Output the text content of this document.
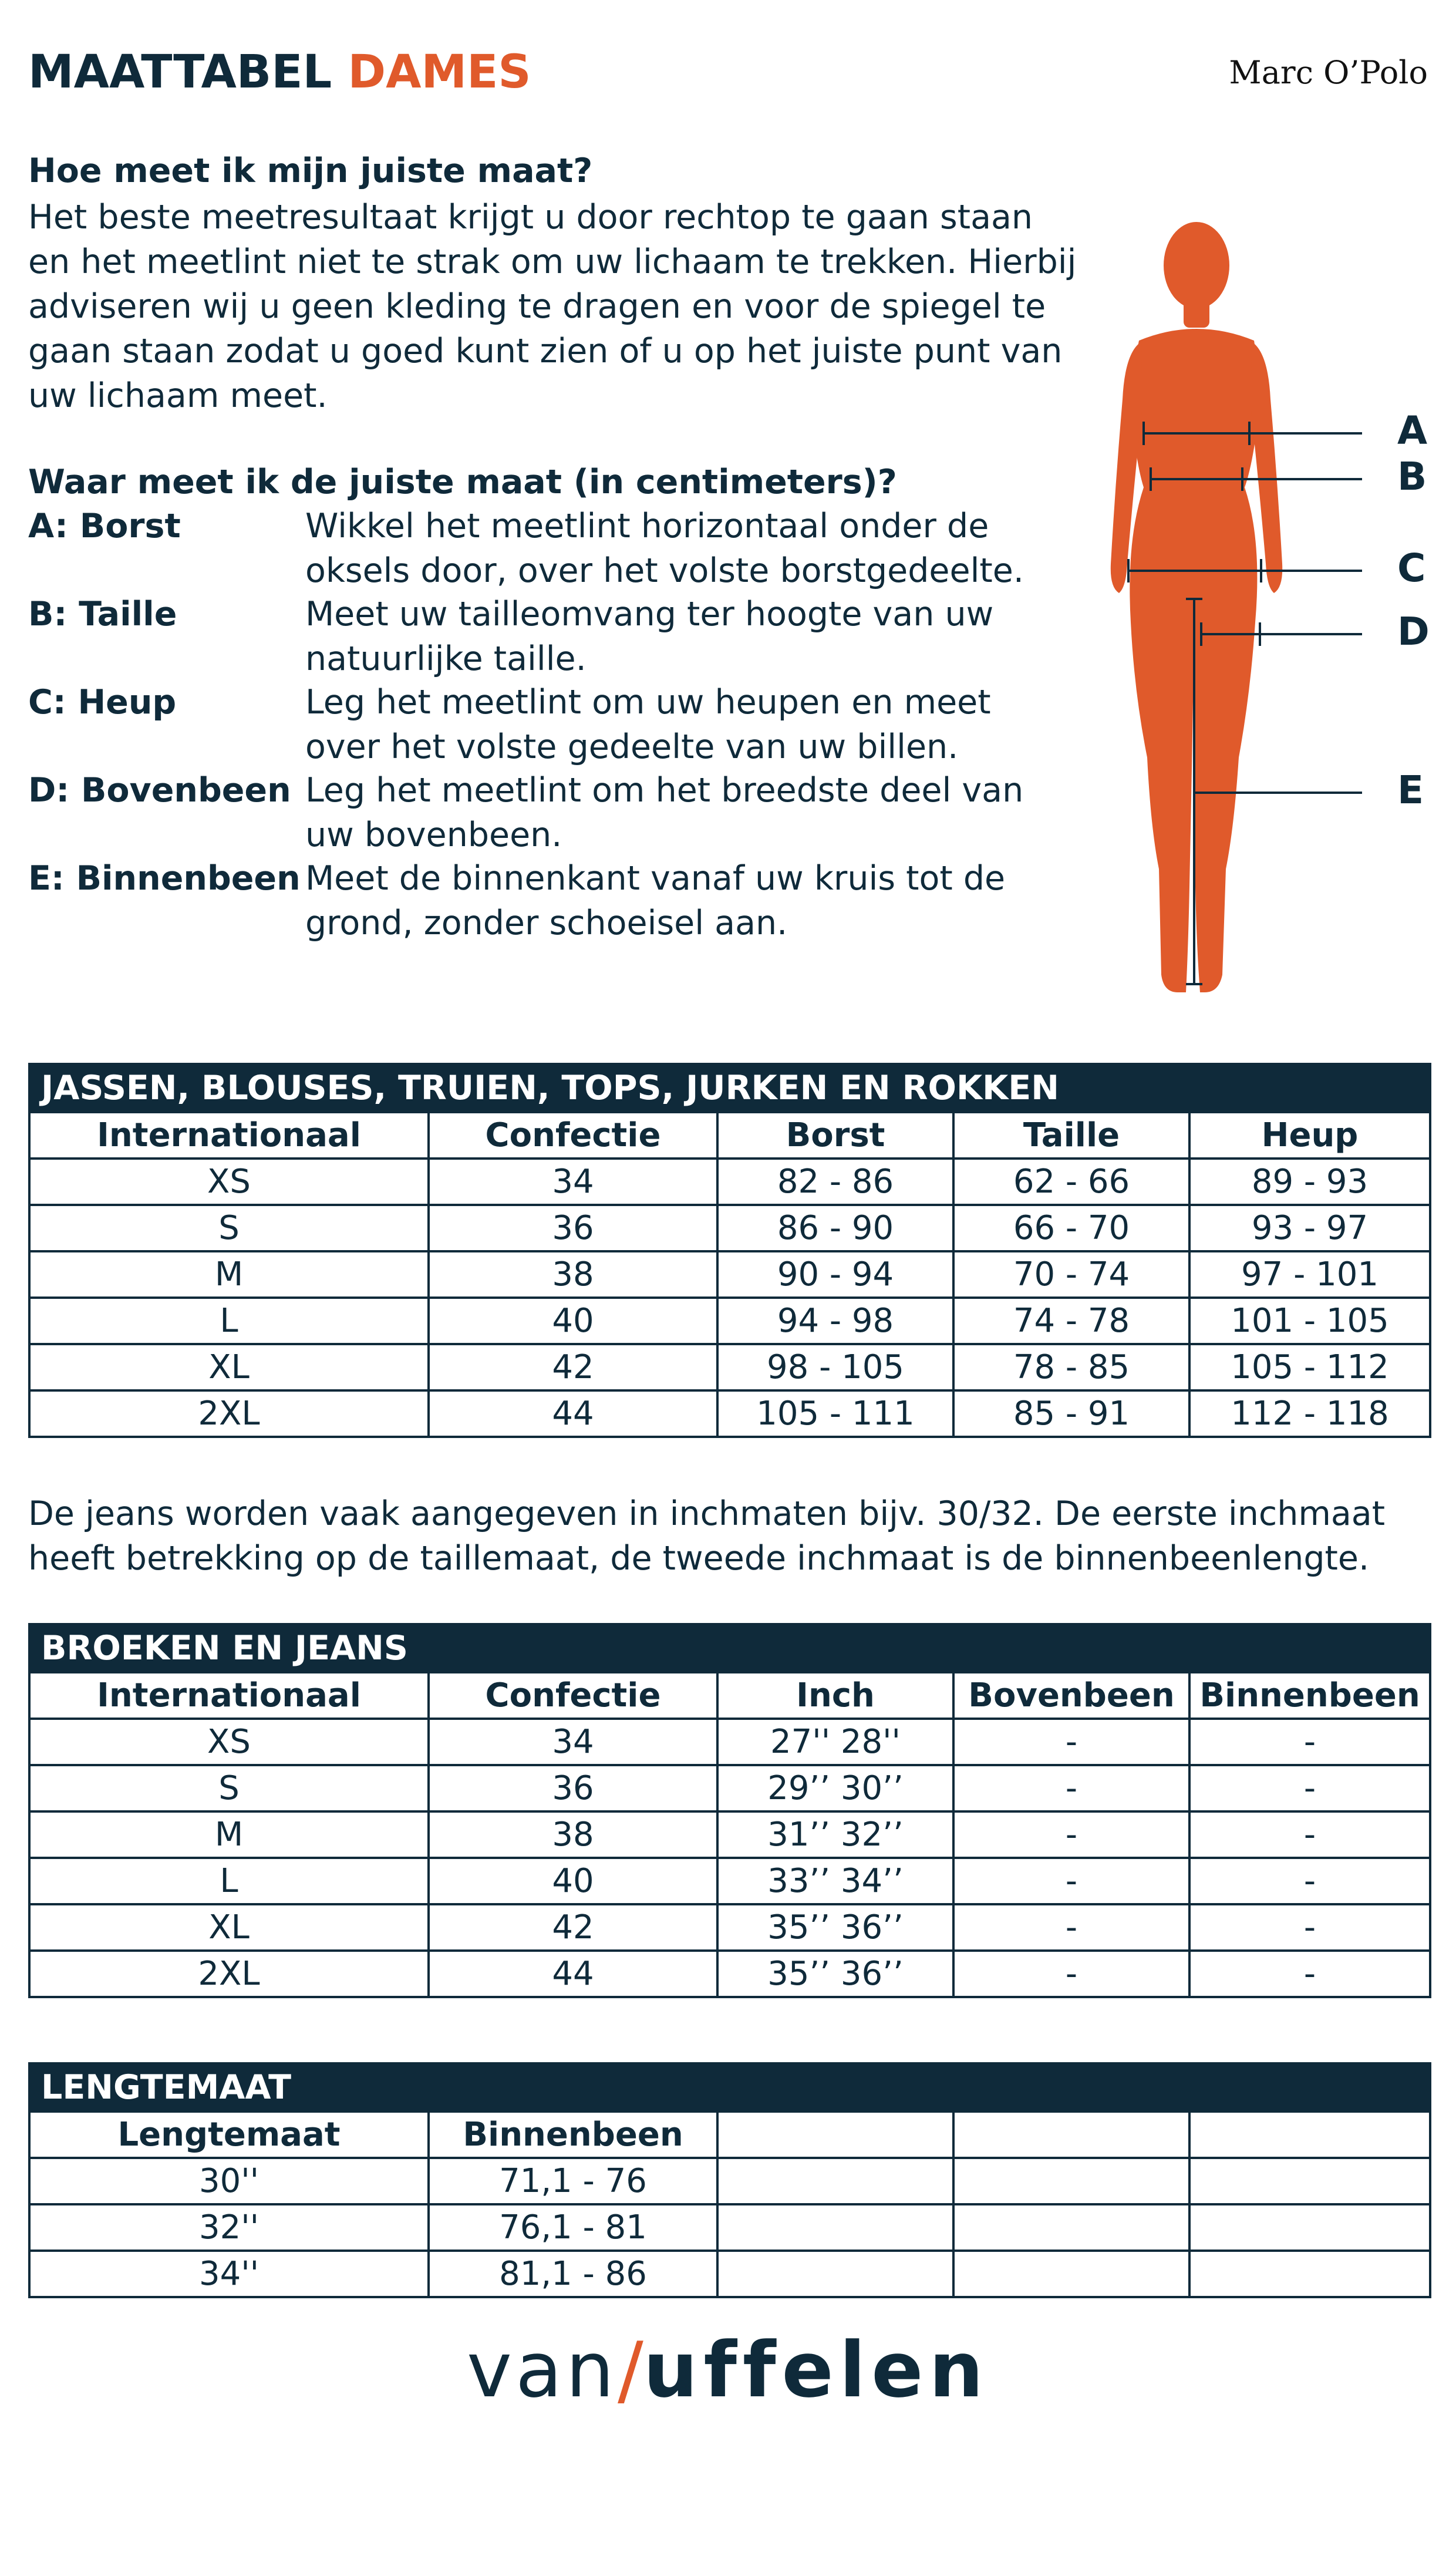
MAATTABEL DAMES	Marc O’Polo
Hoe meet ik mijn juiste maat?
Het beste meetresultaat krijgt u door rechtop te gaan staan
en het meetlint niet te strak om uw lichaam te trekken. Hierbij
adviseren wij u geen kleding te dragen en voor de spiegel te
gaan staan zodat u goed kunt zien of u op het juiste punt van
uw lichaam meet.
Waar meet ik de juiste maat (in centimeters)?
A: Borst	Wikkel het meetlint horizontaal onder de
oksels door, over het volste borstgedeelte.
B: Taille	Meet uw tailleomvang ter hoogte van uw
natuurlijke taille.
C: Heup	Leg het meetlint om uw heupen en meet
over het volste gedeelte van uw billen.
D: Bovenbeen Leg het meetlint om het breedste deel van
uw bovenbeen.
E: Binnenbeen Meet de binnenkant vanaf uw kruis tot de
grond, zonder schoeisel aan.
A
B
C
D
E
JASSEN, BLOUSES, TRUIEN, TOPS, JURKEN EN ROKKEN				
Internationaal	Confectie	Borst	Taille	Heup
XS	34	82 - 86	62 - 66	89 - 93
S	36	86 - 90	66 - 70	93 - 97
M	38	90 - 94	70 - 74	97 - 101
L	40	94 - 98	74 - 78	101 - 105
XL	42	98 - 105	78 - 85	105 - 112
2XL	44	105 - 111	85 - 91	112 - 118
De jeans worden vaak aangegeven in inchmaten bijv. 30/32. De eerste inchmaat
heeft betrekking op de taillemaat, de tweede inchmaat is de binnenbeenlengte.
BROEKEN EN JEANS				
Internationaal	Confectie	Inch	Bovenbeen	Binnenbeen
XS	34	27'' 28''	-	-
S	36	29’’ 30’’	-	-
M	38	31’’ 32’’	-	-
L	40	33’’ 34’’	-	-
XL	42	35’’ 36’’	-	-
2XL	44	35’’ 36’’	-	-
LENGTEMAAT				
Lengtemaat	Binnenbeen			
30''	71,1 - 76			
32''	76,1 - 81			
34''	81,1 - 86			
van/uffelen
